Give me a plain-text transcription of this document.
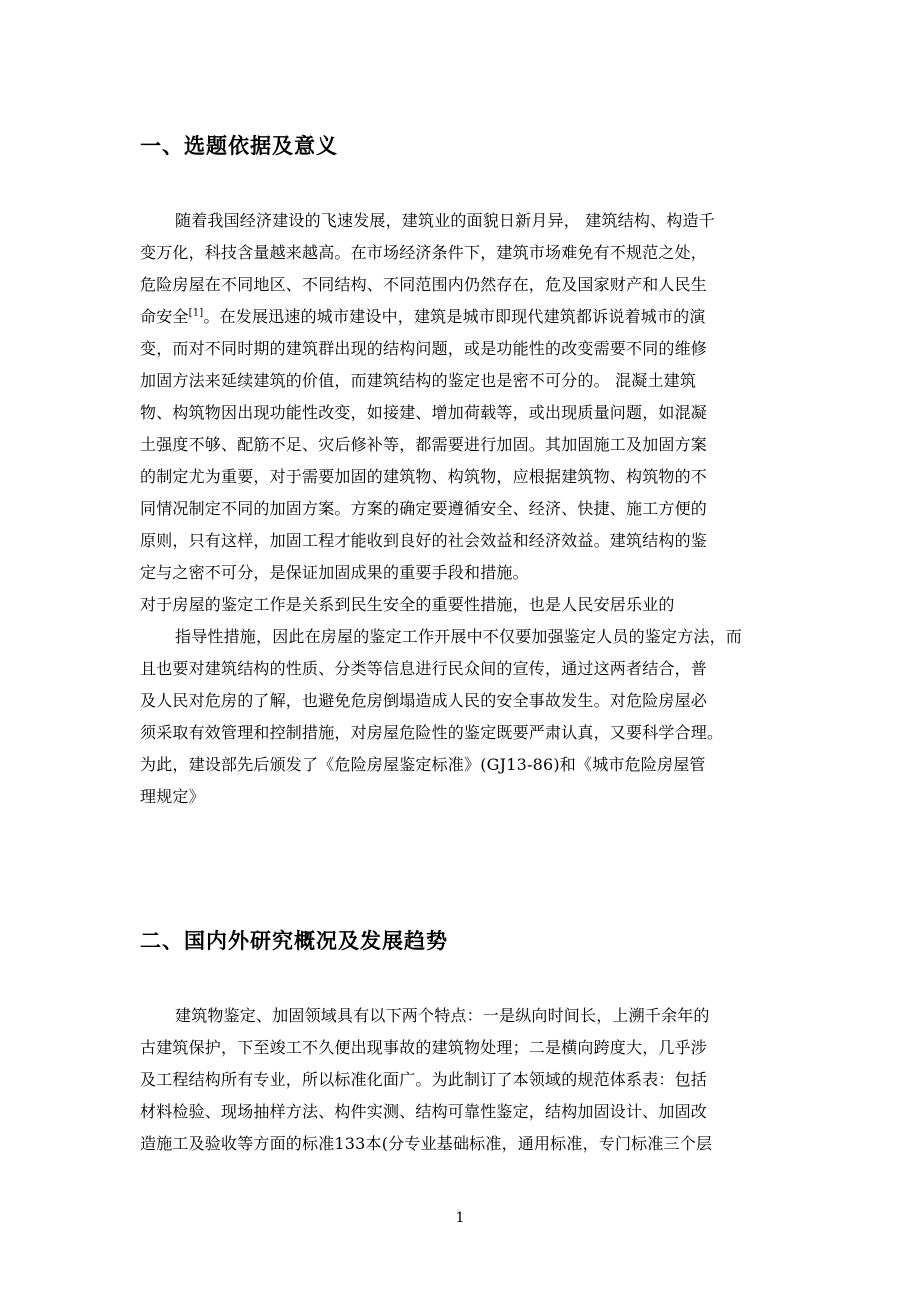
一、选题依据及意义
随着我国经济建设的飞速发展，建筑业的面貌日新月异， 建筑结构、构造千
变万化，科技含量越来越高。在市场经济条件下，建筑市场难免有不规范之处，
危险房屋在不同地区、不同结构、不同范围内仍然存在，危及国家财产和人民生
命安全[1]。在发展迅速的城市建设中，建筑是城市即现代建筑都诉说着城市的演
变，而对不同时期的建筑群出现的结构问题，或是功能性的改变需要不同的维修
加固方法来延续建筑的价值，而建筑结构的鉴定也是密不可分的。 混凝土建筑
物、构筑物因出现功能性改变，如接建、增加荷载等，或出现质量问题，如混凝
土强度不够、配筋不足、灾后修补等，都需要进行加固。其加固施工及加固方案
的制定尤为重要，对于需要加固的建筑物、构筑物，应根据建筑物、构筑物的不
同情况制定不同的加固方案。方案的确定要遵循安全、经济、快捷、施工方便的
原则，只有这样，加固工程才能收到良好的社会效益和经济效益。建筑结构的鉴
定与之密不可分，是保证加固成果的重要手段和措施。
对于房屋的鉴定工作是关系到民生安全的重要性措施，也是人民安居乐业的
指导性措施，因此在房屋的鉴定工作开展中不仅要加强鉴定人员的鉴定方法，而
且也要对建筑结构的性质、分类等信息进行民众间的宣传，通过这两者结合，普
及人民对危房的了解，也避免危房倒塌造成人民的安全事故发生。对危险房屋必
须采取有效管理和控制措施，对房屋危险性的鉴定既要严肃认真，又要科学合理。
为此，建设部先后颁发了《危险房屋鉴定标准》(GJ13-86)和《城市危险房屋管
理规定》
二、国内外研究概况及发展趋势
建筑物鉴定、加固领域具有以下两个特点：一是纵向时间长，上溯千余年的
古建筑保护，下至竣工不久便出现事故的建筑物处理；二是横向跨度大，几乎涉
及工程结构所有专业，所以标准化面广。为此制订了本领域的规范体系表：包括
材料检验、现场抽样方法、构件实测、结构可靠性鉴定，结构加固设计、加固改
造施工及验收等方面的标准133本(分专业基础标准，通用标准，专门标准三个层
1
